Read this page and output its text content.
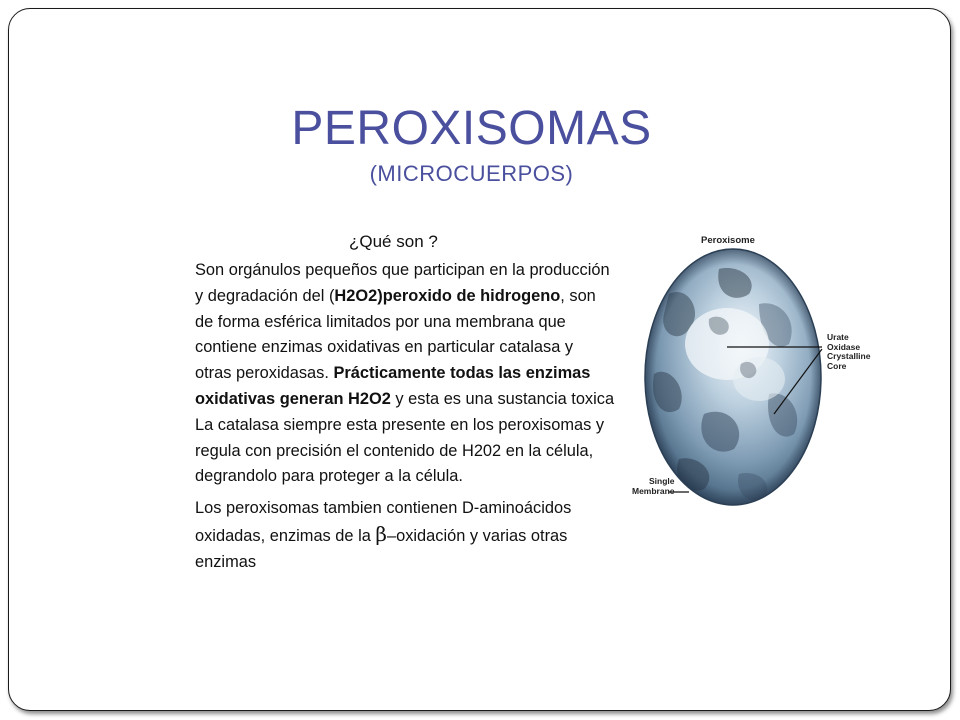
PEROXISOMAS
(MICROCUERPOS)
¿Qué son ?

Son orgánulos pequeños que participan en la producción
y degradación del (H2O2)peroxido de hidrogeno, son
de forma esférica limitados por una membrana que
contiene enzimas oxidativas en particular catalasa y
otras peroxidasas. Prácticamente todas las enzimas
oxidativas generan H2O2 y esta es una sustancia toxica
La catalasa siempre esta presente en los peroxisomas y
regula con precisión el contenido de H202 en la célula,
degrandolo para proteger a la célula.

Los peroxisomas tambien contienen D-aminoácidos
oxidadas, enzimas de la β–oxidación y varias otras
enzimas

Peroxisome
Urate
Oxidase
Crystalline
Core
Single
Membrane
